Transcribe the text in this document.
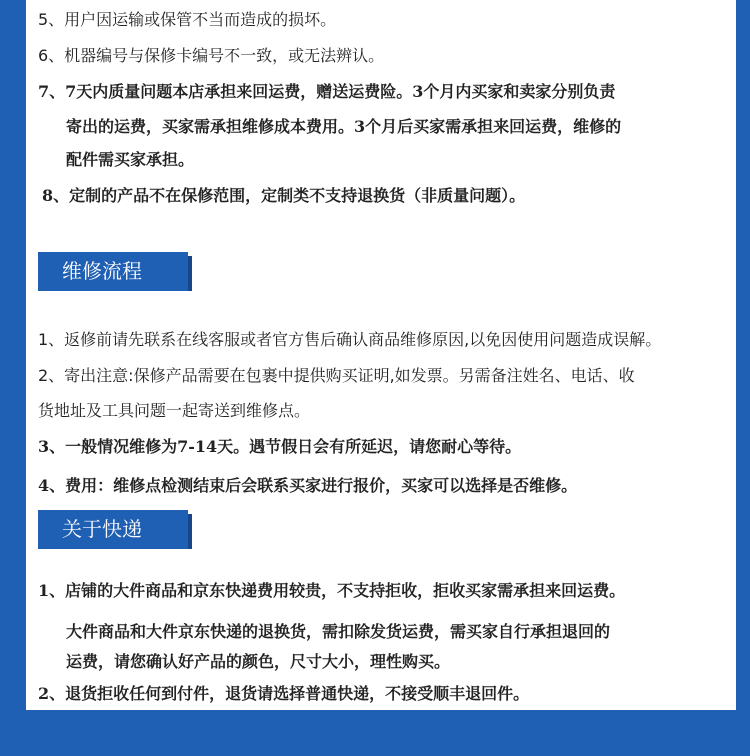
5、用户因运输或保管不当而造成的损坏。
6、机器编号与保修卡编号不一致，或无法辨认。
7、7天内质量问题本店承担来回运费，赠送运费险。3个月内买家和卖家分别负责
寄出的运费，买家需承担维修成本费用。3个月后买家需承担来回运费，维修的
配件需买家承担。
8、定制的产品不在保修范围，定制类不支持退换货（非质量问题）。
维修流程
1、返修前请先联系在线客服或者官方售后确认商品维修原因,以免因使用问题造成误解。
2、寄出注意:保修产品需要在包裹中提供购买证明,如发票。另需备注姓名、电话、收
货地址及工具问题一起寄送到维修点。
3、一般情况维修为7-14天。遇节假日会有所延迟，请您耐心等待。
4、费用：维修点检测结束后会联系买家进行报价，买家可以选择是否维修。
关于快递
1、店铺的大件商品和京东快递费用较贵，不支持拒收，拒收买家需承担来回运费。
大件商品和大件京东快递的退换货，需扣除发货运费，需买家自行承担退回的
运费，请您确认好产品的颜色，尺寸大小，理性购买。
2、退货拒收任何到付件，退货请选择普通快递，不接受顺丰退回件。
